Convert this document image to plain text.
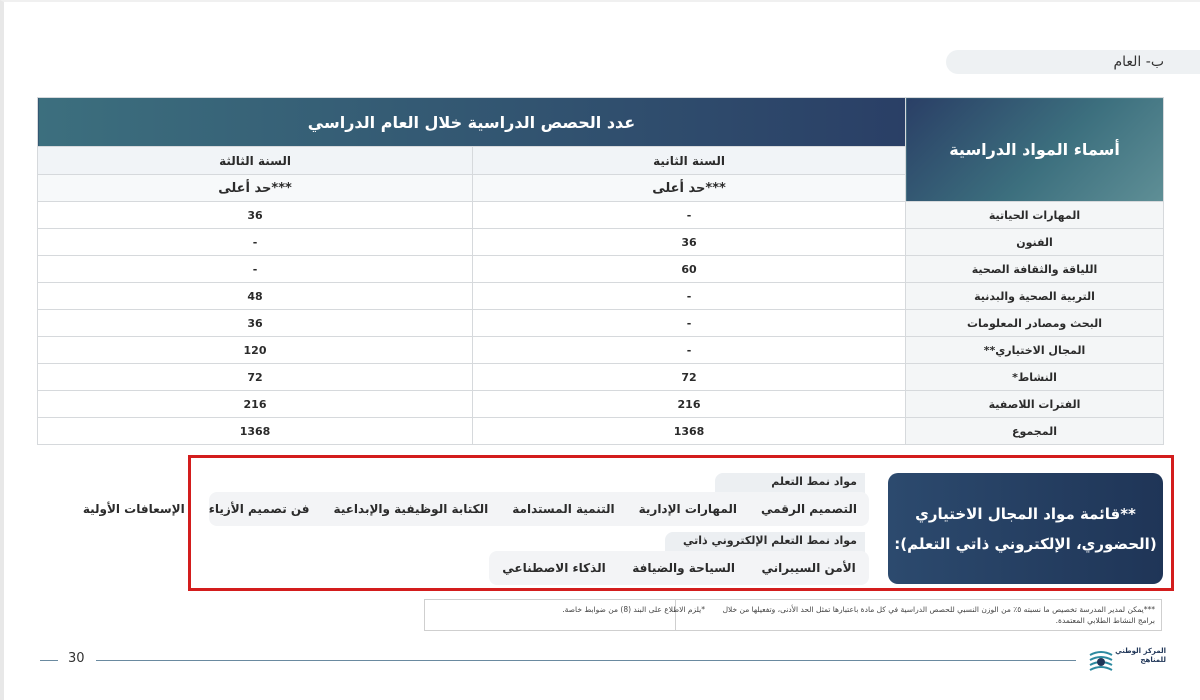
ب- العام
أسماء المواد الدراسية	عدد الحصص الدراسية خلال العام الدراسي	
	السنة الثانية	السنة الثالثة
	***حد أعلى	***حد أعلى
المهارات الحياتية	-	36
الفنون	36	-
اللياقة والثقافة الصحية	60	-
التربية الصحية والبدنية	-	48
البحث ومصادر المعلومات	-	36
المجال الاختياري**	-	120
النشاط*	72	72
الفترات اللاصفية	216	216
المجموع	1368	1368
**قائمة مواد المجال الاختياري
(الحضوري، الإلكتروني ذاتي التعلم):
مواد نمط التعلم
التصميم الرقمي
المهارات الإدارية
التنمية المستدامة
الكتابة الوظيفية والإبداعية
فن تصميم الأزياء
الإسعافات الأولية
مواد نمط التعلم الإلكتروني ذاتي
الأمن السيبراني
السياحة والضيافة
الذكاء الاصطناعي
***يمكن لمدير المدرسة تخصيص ما نسبته ٥٪ من الوزن النسبي للحصص الدراسية في كل مادة باعتبارها تمثل الحد الأدنى، وتفعيلها من خلال برامج النشاط الطلابي المعتمدة.
*يلزم الاطلاع على البند (8) من ضوابط خاصة.
30	المركز الوطني
للمناهج
